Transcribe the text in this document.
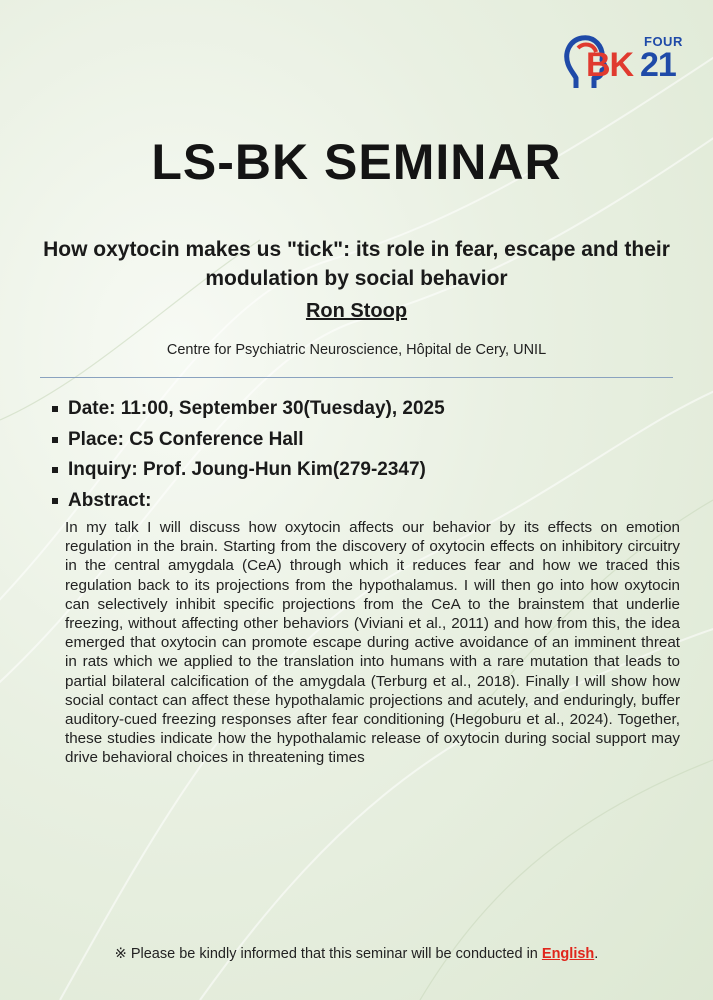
FOUR
BK 21
LS-BK SEMINAR
How oxytocin makes us "tick": its role in fear, escape and their modulation by social behavior
Ron Stoop
Centre for Psychiatric Neuroscience, Hôpital de Cery, UNIL
Date: 11:00, September 30(Tuesday), 2025
Place: C5 Conference Hall
Inquiry: Prof. Joung-Hun Kim(279-2347)
Abstract:
In my talk I will discuss how oxytocin affects our behavior by its effects on emotion regulation in the brain. Starting from the discovery of oxytocin effects on inhibitory circuitry in the central amygdala (CeA) through which it reduces fear and how we traced this regulation back to its projections from the hypothalamus. I will then go into how oxytocin can selectively inhibit specific projections from the CeA to the brainstem that underlie freezing, without affecting other behaviors (Viviani et al., 2011) and how from this, the idea emerged that oxytocin can promote escape during active avoidance of an imminent threat in rats which we applied to the translation into humans with a rare mutation that leads to partial bilateral calcification of the amygdala (Terburg et al., 2018). Finally I will show how social contact can affect these hypothalamic projections and acutely, and enduringly, buffer auditory-cued freezing responses after fear conditioning (Hegoburu et al., 2024). Together, these studies indicate how the hypothalamic release of oxytocin during social support may drive behavioral choices in threatening times
※ Please be kindly informed that this seminar will be conducted in English.
